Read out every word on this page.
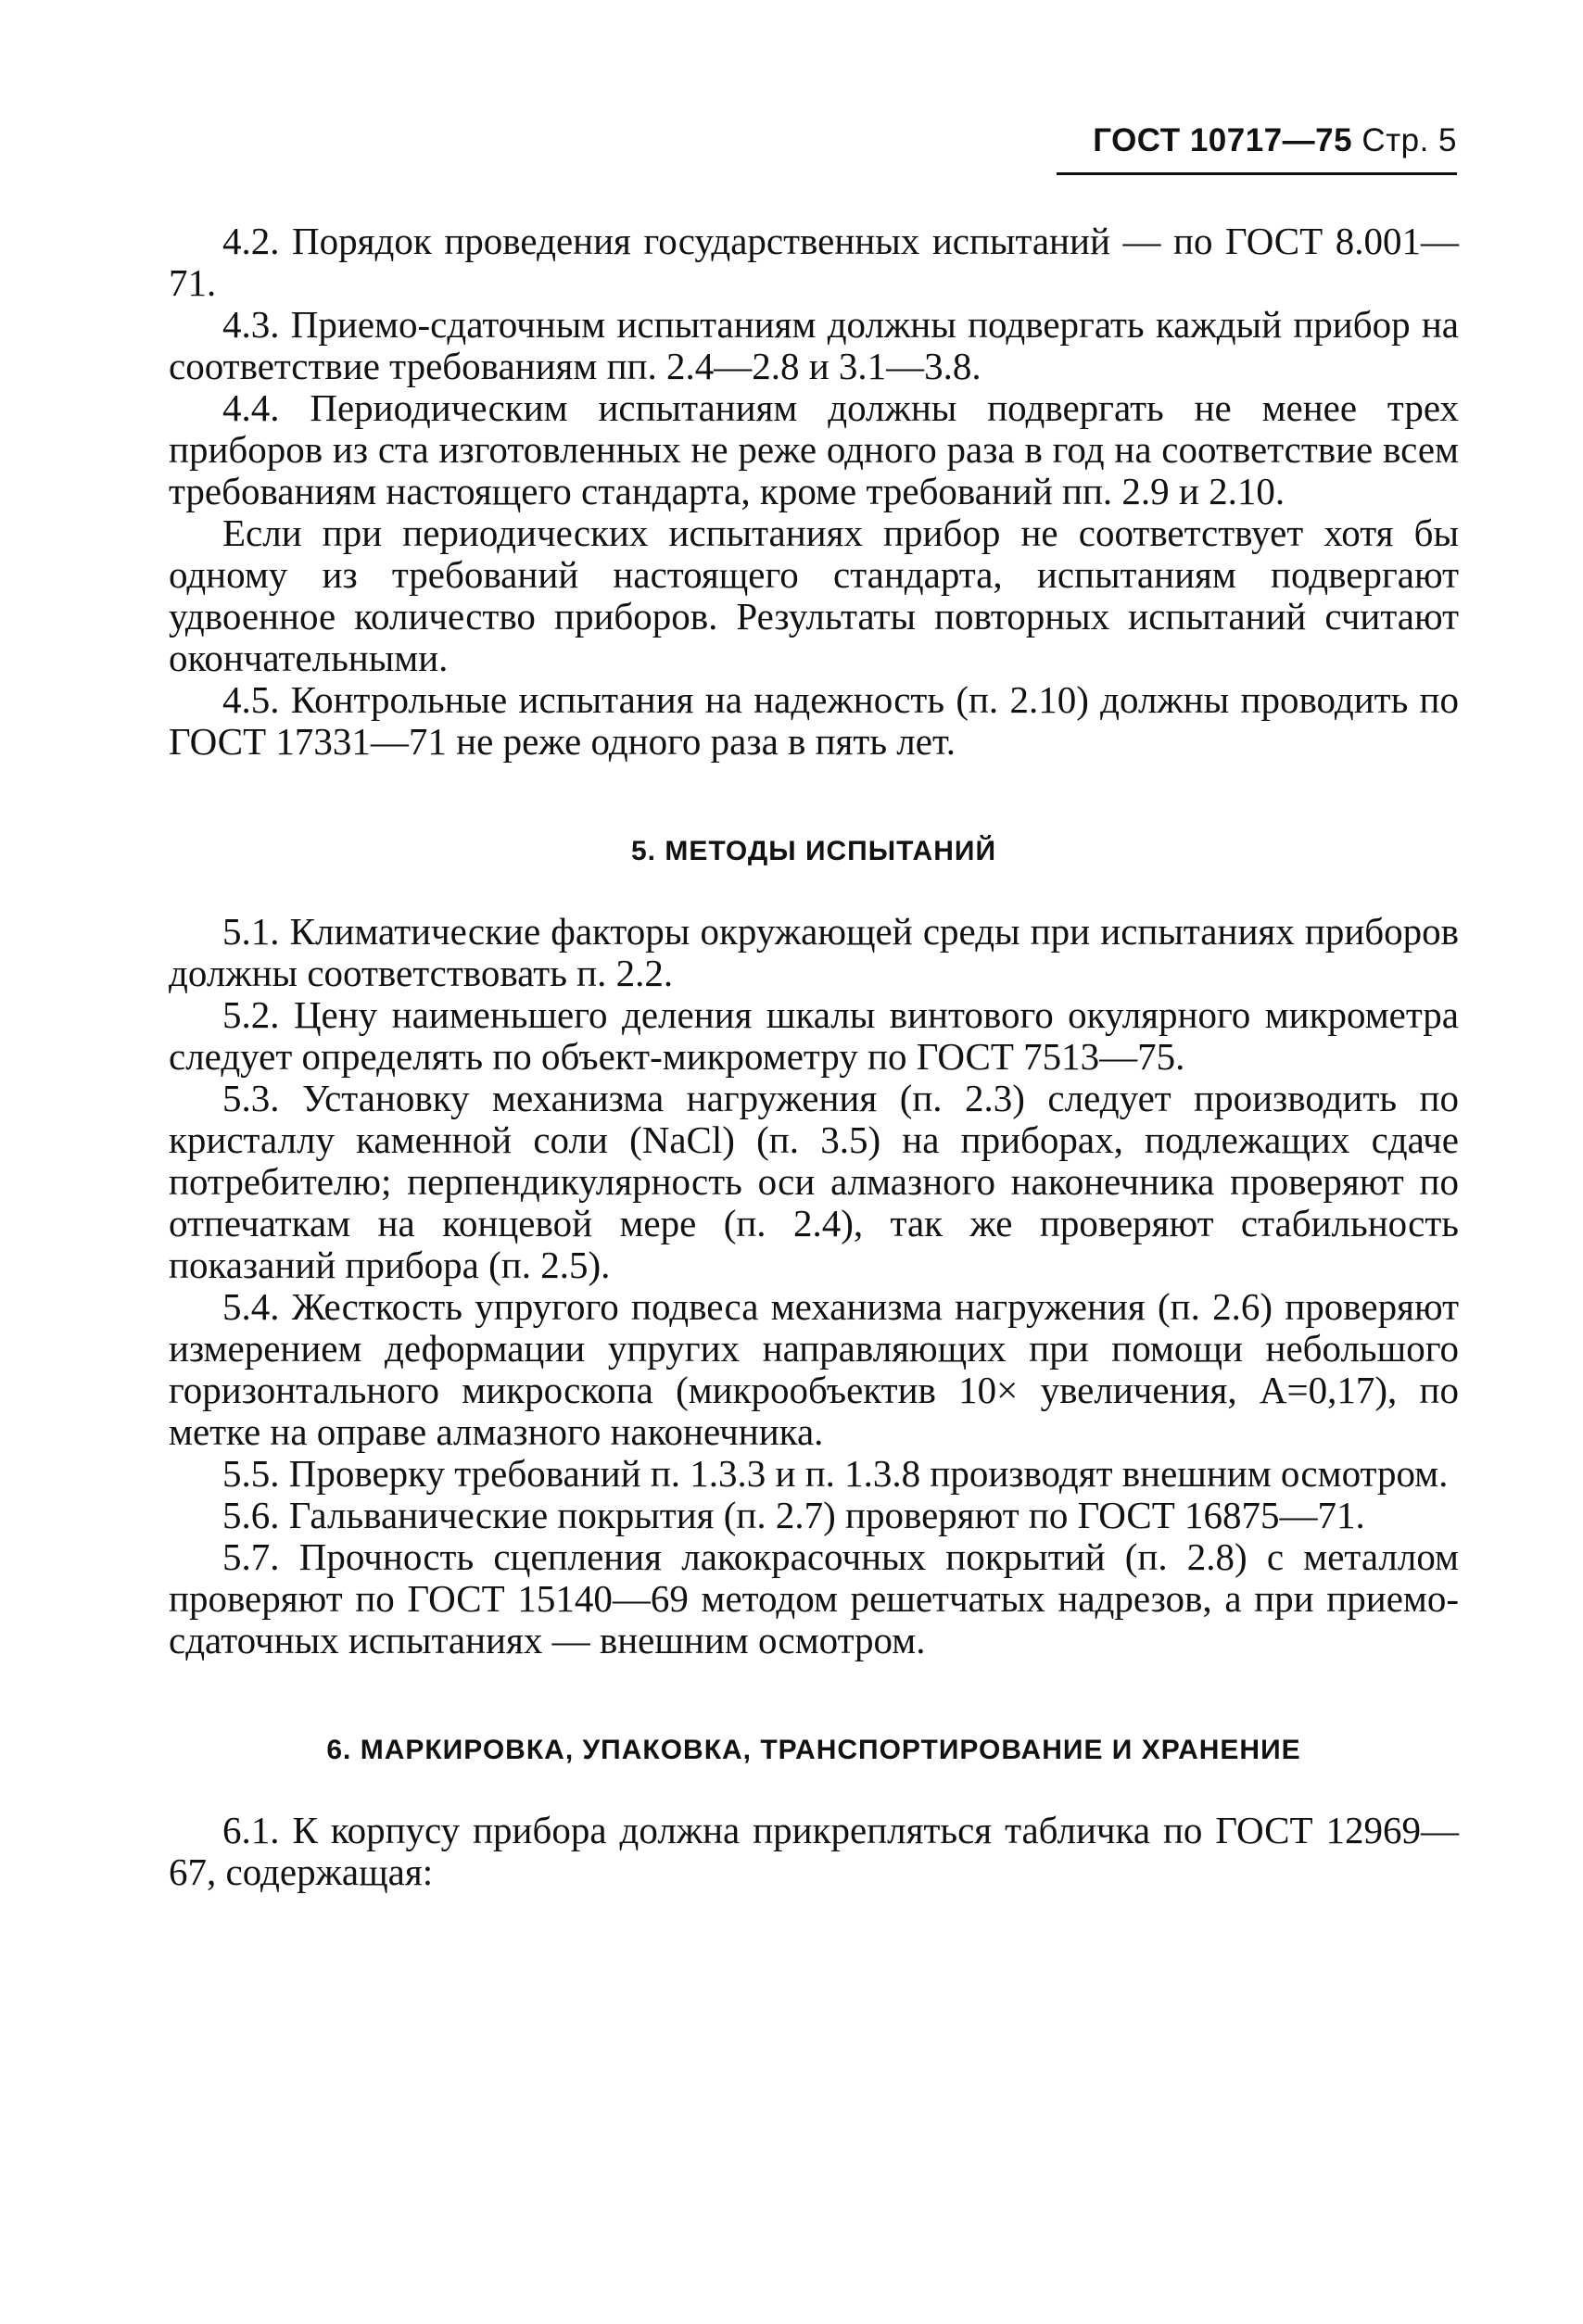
ГОСТ 10717—75 Стр. 5

4.2. Порядок проведения государственных испытаний — по ГОСТ 8.001—71.

4.3. Приемо-сдаточным испытаниям должны подвергать каждый прибор на соответствие требованиям пп. 2.4—2.8 и 3.1—3.8.

4.4. Периодическим испытаниям должны подвергать не менее трех приборов из ста изготовленных не реже одного раза в год на соответствие всем требованиям настоящего стандарта, кроме требований пп. 2.9 и 2.10.

Если при периодических испытаниях прибор не соответствует хотя бы одному из требований настоящего стандарта, испытаниям подвергают удвоенное количество приборов. Результаты повторных испытаний считают окончательными.

4.5. Контрольные испытания на надежность (п. 2.10) должны проводить по ГОСТ 17331—71 не реже одного раза в пять лет.

5. МЕТОДЫ ИСПЫТАНИЙ

5.1. Климатические факторы окружающей среды при испытаниях приборов должны соответствовать п. 2.2.

5.2. Цену наименьшего деления шкалы винтового окулярного микрометра следует определять по объект-микрометру по ГОСТ 7513—75.

5.3. Установку механизма нагружения (п. 2.3) следует производить по кристаллу каменной соли (NaCl) (п. 3.5) на приборах, подлежащих сдаче потребителю; перпендикулярность оси алмазного наконечника проверяют по отпечаткам на концевой мере (п. 2.4), так же проверяют стабильность показаний прибора (п. 2.5).

5.4. Жесткость упругого подвеса механизма нагружения (п. 2.6) проверяют измерением деформации упругих направляющих при помощи небольшого горизонтального микроскопа (микрообъектив 10× увеличения, А=0,17), по метке на оправе алмазного наконечника.

5.5. Проверку требований п. 1.3.3 и п. 1.3.8 производят внешним осмотром.

5.6. Гальванические покрытия (п. 2.7) проверяют по ГОСТ 16875—71.

5.7. Прочность сцепления лакокрасочных покрытий (п. 2.8) с металлом проверяют по ГОСТ 15140—69 методом решетчатых надрезов, а при приемо-сдаточных испытаниях — внешним осмотром.

6. МАРКИРОВКА, УПАКОВКА, ТРАНСПОРТИРОВАНИЕ И ХРАНЕНИЕ

6.1. К корпусу прибора должна прикрепляться табличка по ГОСТ 12969—67, содержащая:
